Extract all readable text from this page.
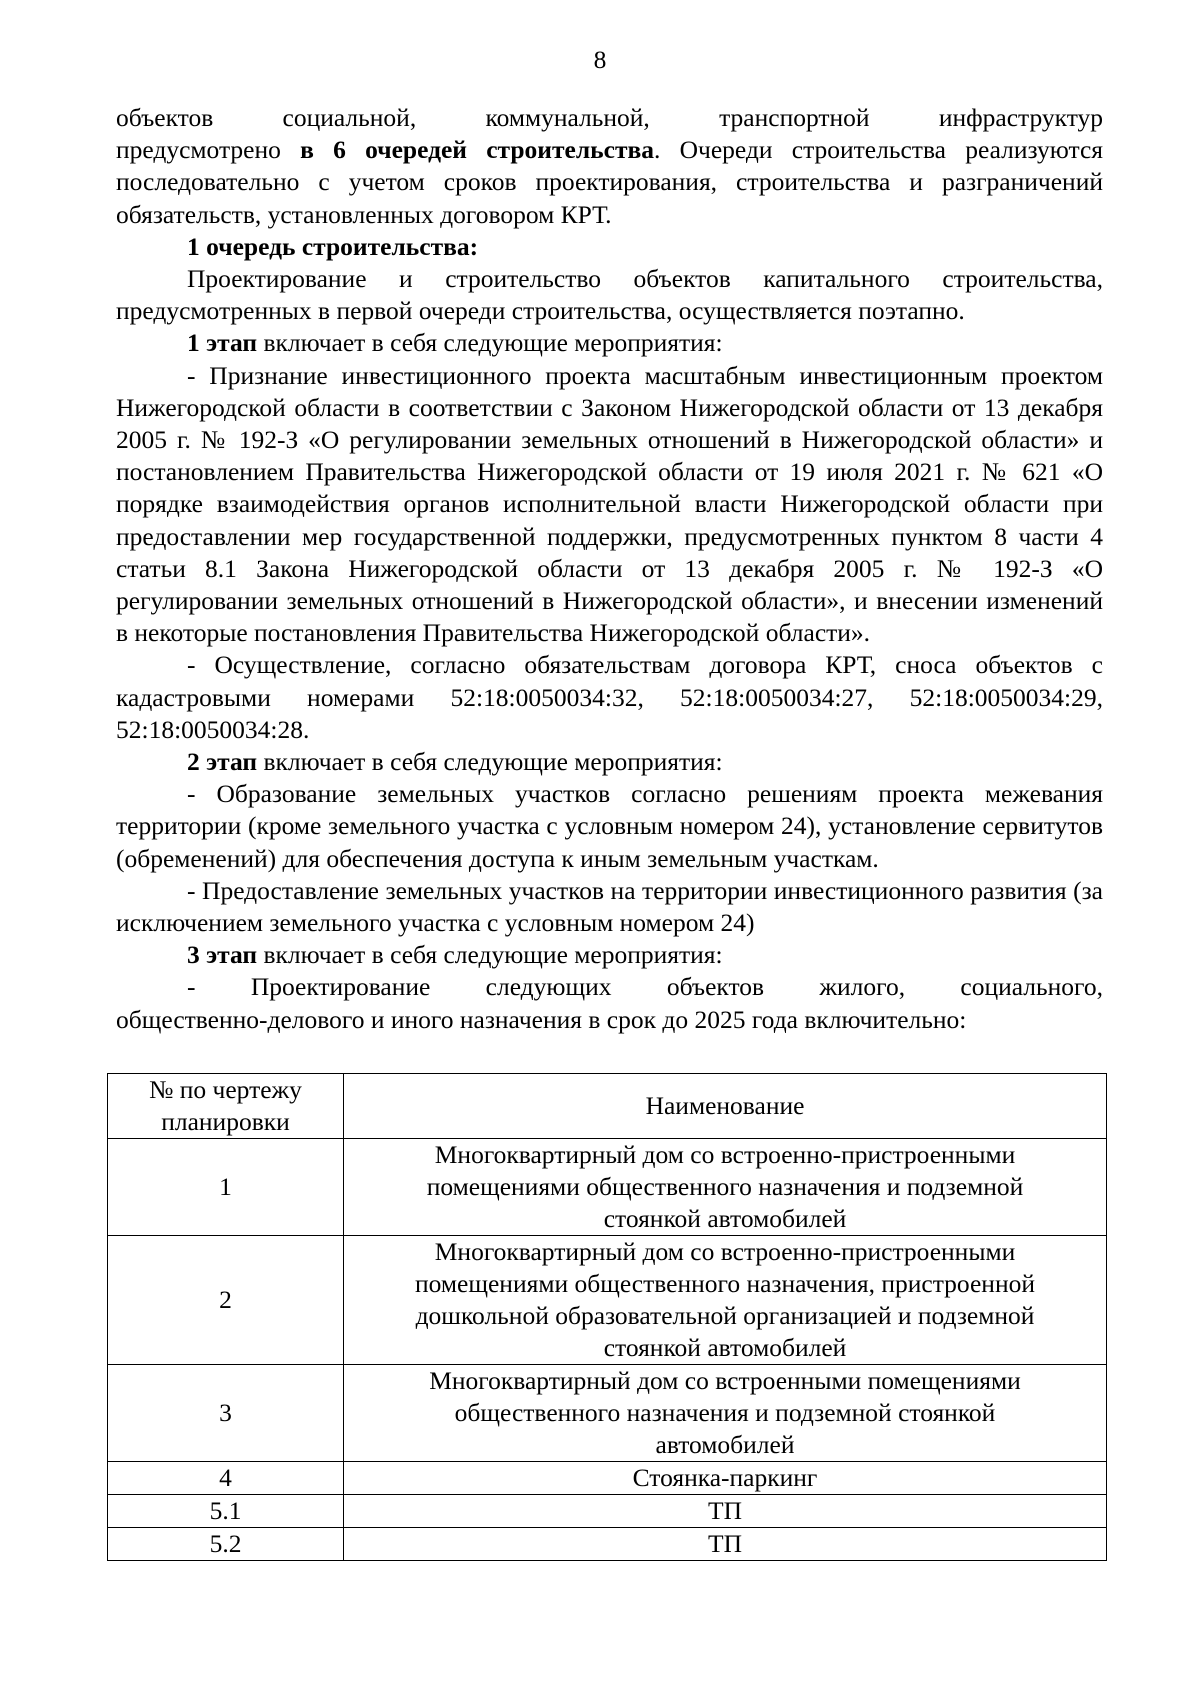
8

объектов	социальной,	коммунальной,	транспортной	инфраструктур

предусмотрено в 6 очередей строительства. Очереди строительства реализуются последовательно с учетом сроков проектирования, строительства и разграничений обязательств, установленных договором КРТ.

1 очередь строительства:

Проектирование и строительство объектов капитального строительства, предусмотренных в первой очереди строительства, осуществляется поэтапно.

1 этап включает в себя следующие мероприятия:

- Признание инвестиционного проекта масштабным инвестиционным проектом Нижегородской области в соответствии с Законом Нижегородской области от 13 декабря 2005 г. № 192-З «О регулировании земельных отношений в Нижегородской области» и постановлением Правительства Нижегородской области от 19 июля 2021 г. № 621 «О порядке взаимодействия органов исполнительной власти Нижегородской области при предоставлении мер государственной поддержки, предусмотренных пунктом 8 части 4 статьи 8.1 Закона Нижегородской области от 13 декабря 2005 г. № 192-З «О регулировании земельных отношений в Нижегородской области», и внесении изменений в некоторые постановления Правительства Нижегородской области».

- Осуществление, согласно обязательствам договора КРТ, сноса объектов с кадастровыми номерами 52:18:0050034:32, 52:18:0050034:27, 52:18:0050034:29, 52:18:0050034:28.

2 этап включает в себя следующие мероприятия:

- Образование земельных участков согласно решениям проекта межевания территории (кроме земельного участка с условным номером 24), установление сервитутов (обременений) для обеспечения доступа к иным земельным участкам.

- Предоставление земельных участков на территории инвестиционного развития (за исключением земельного участка с условным номером 24)

3 этап включает в себя следующие мероприятия:

- Проектирование следующих объектов жилого, социального,

общественно-делового и иного назначения в срок до 2025 года включительно:

№ по чертежу
планировки	Наименование
1	Многоквартирный дом со встроенно-пристроенными
помещениями общественного назначения и подземной
стоянкой автомобилей
2	Многоквартирный дом со встроенно-пристроенными
помещениями общественного назначения, пристроенной
дошкольной образовательной организацией и подземной
стоянкой автомобилей
3	Многоквартирный дом со встроенными помещениями
общественного назначения и подземной стоянкой
автомобилей
4	Стоянка-паркинг
5.1	ТП
5.2	ТП
